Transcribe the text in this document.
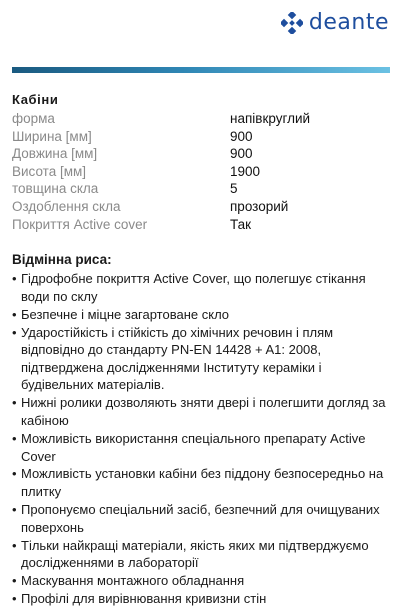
deante
Кабіни
форма	напівкруглий
Ширина [мм]	900
Довжина [мм]	900
Висота [мм]	1900
товщина скла	5
Оздоблення скла	прозорий
Покриття Active cover	Так
Відмінна риса:
• Гідрофобне покриття Active Cover, що полегшує стікання води по склу
• Безпечне і міцне загартоване скло
• Ударостійкість і стійкість до хімічних речовин і плям відповідно до стандарту PN-EN 14428 + A1: 2008, підтверджена дослідженнями Інституту кераміки і будівельних матеріалів.
• Нижні ролики дозволяють зняти двері і полегшити догляд за кабіною
• Можливість використання спеціального препарату Active Cover
• Можливість установки кабіни без піддону безпосередньо на плитку
• Пропонуємо спеціальний засіб, безпечний для очищуваних поверхонь
• Тільки найкращі матеріали, якість яких ми підтверджуємо дослідженнями в лабораторії
• Маскування монтажного обладнання
• Профілі для вирівнювання кривизни стін
